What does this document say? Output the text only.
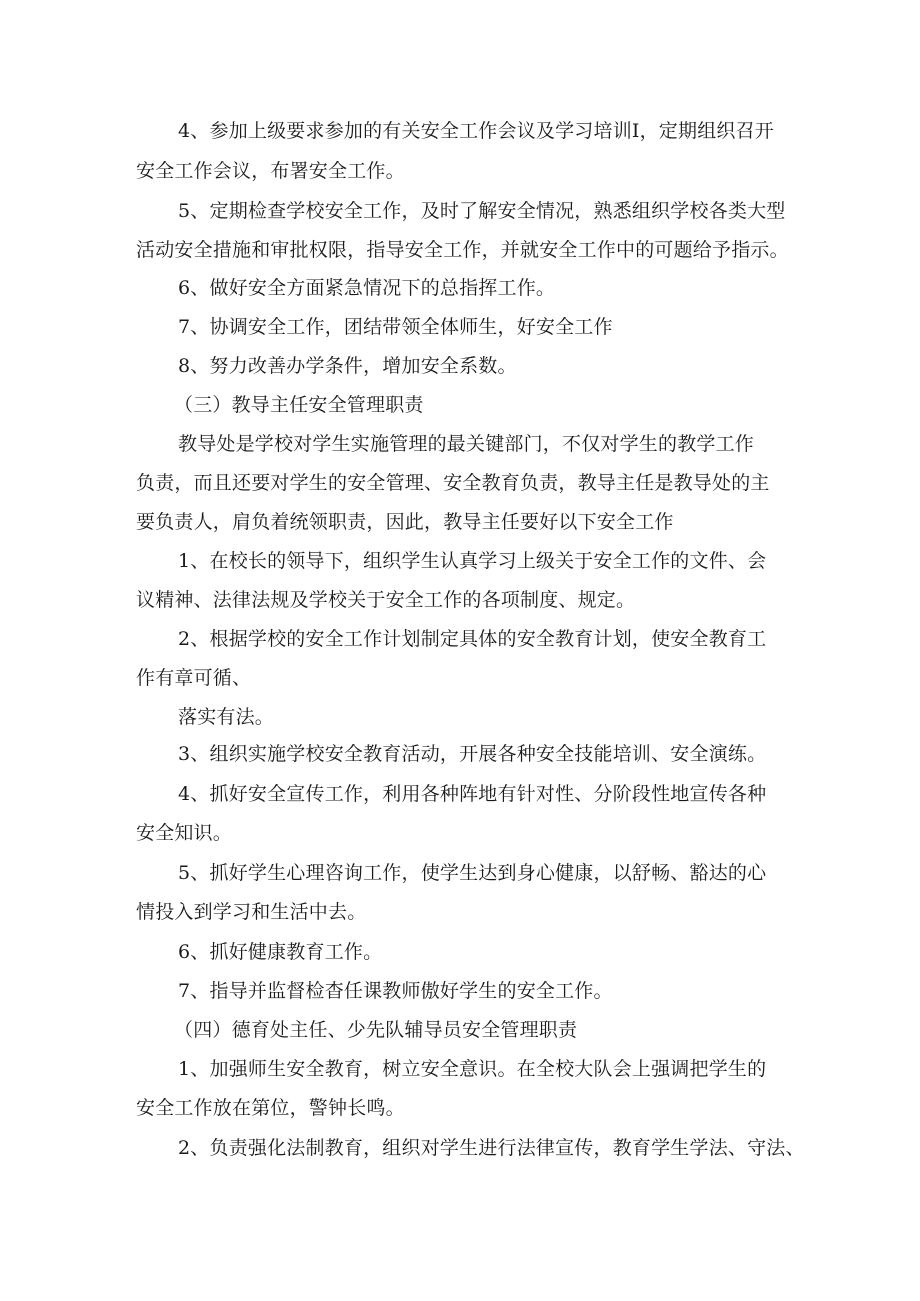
4、参加上级要求参加的有关安全工作会议及学习培训I，定期组织召开
安全工作会议，布署安全工作。
5、定期检查学校安全工作，及时了解安全情况，熟悉组织学校各类大型
活动安全措施和审批权限，指导安全工作，并就安全工作中的可题给予指示。
6、做好安全方面紧急情况下的总指挥工作。
7、协调安全工作，团结带领全体师生，好安全工作
8、努力改善办学条件，增加安全系数。
（三）教导主任安全管理职责
教导处是学校对学生实施管理的最关键部门，不仅对学生的教学工作
负责，而且还要对学生的安全管理、安全教育负责，教导主任是教导处的主
要负责人，肩负着统领职责，因此，教导主任要好以下安全工作
1、在校长的领导下，组织学生认真学习上级关于安全工作的文件、会
议精神、法律法规及学校关于安全工作的各项制度、规定。
2、根据学校的安全工作计划制定具体的安全教育计划，使安全教育工
作有章可循、
落实有法。
3、组织实施学校安全教育活动，开展各种安全技能培训、安全演练。
4、抓好安全宣传工作，利用各种阵地有针对性、分阶段性地宣传各种
安全知识。
5、抓好学生心理咨询工作，使学生达到身心健康，以舒畅、豁达的心
情投入到学习和生活中去。
6、抓好健康教育工作。
7、指导并监督检杳任课教师傲好学生的安全工作。
（四）德育处主任、少先队辅导员安全管理职责
1、加强师生安全教育，树立安全意识。在全校大队会上强调把学生的
安全工作放在第位，警钟长鸣。
2、负责强化法制教育，组织对学生进行法律宣传，教育学生学法、守法、
